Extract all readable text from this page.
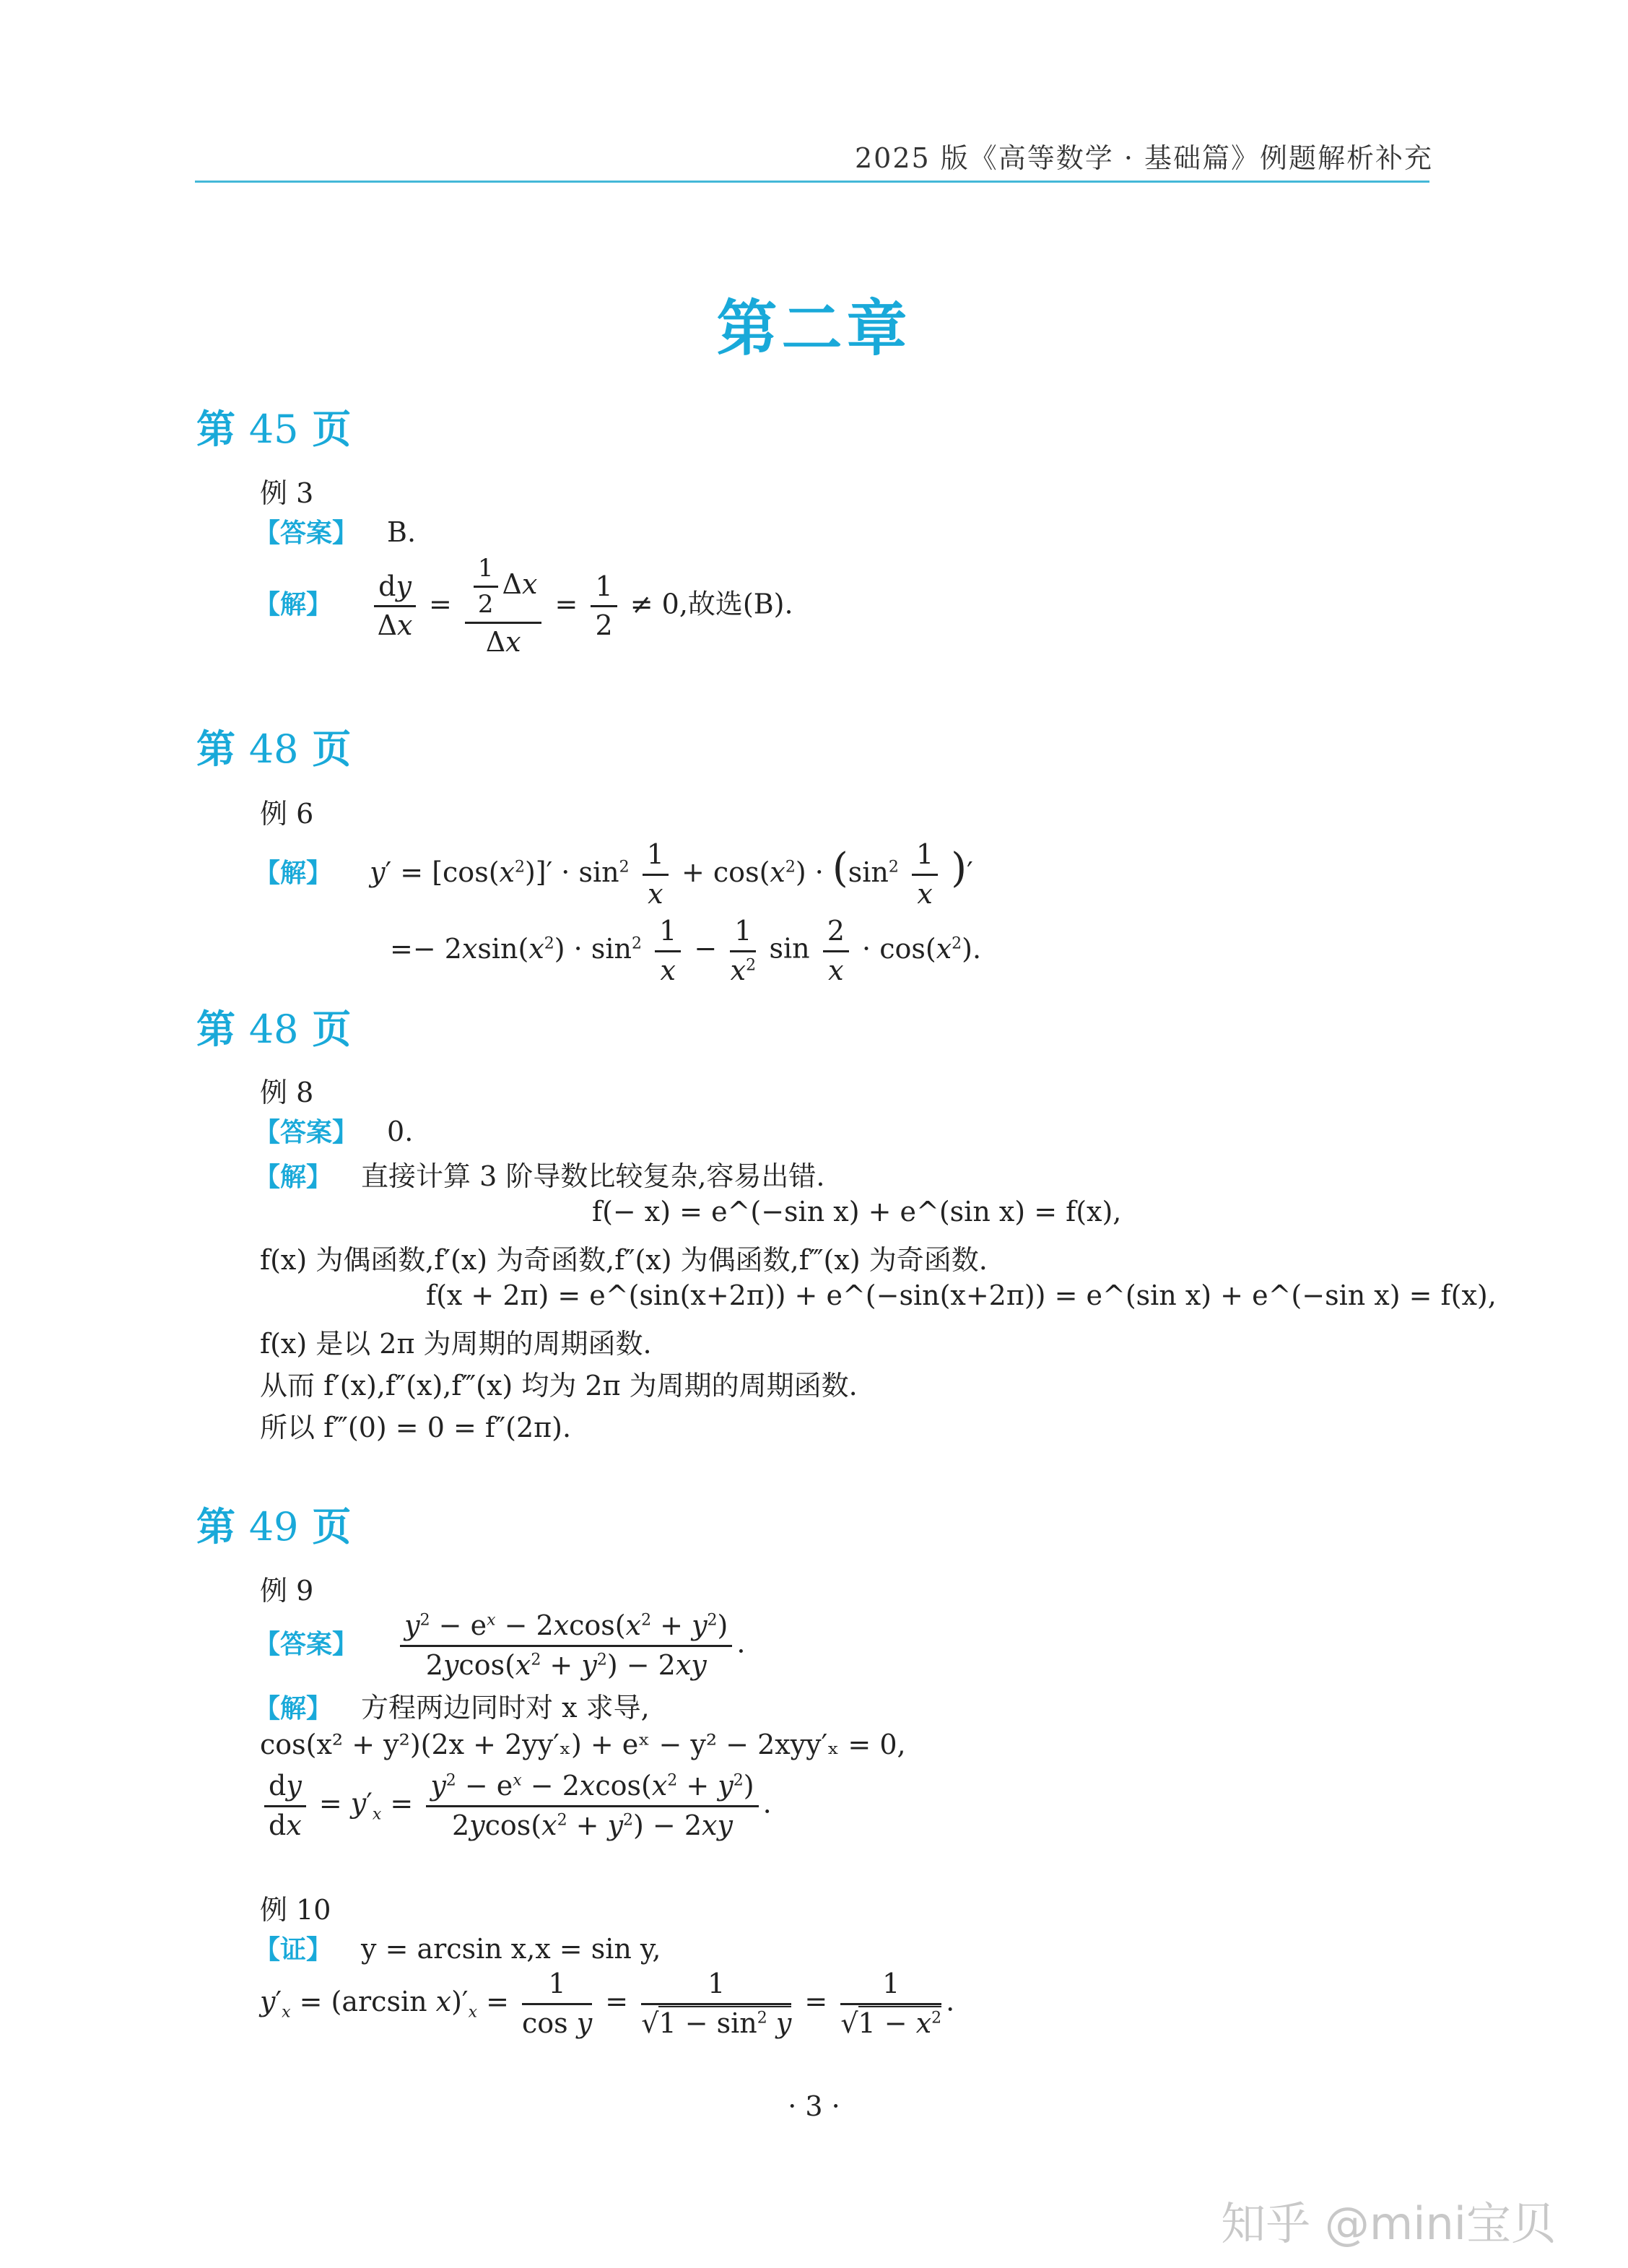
2025 版《高等数学 · 基础篇》例题解析补充
第二章
第 45 页
例 3
【答案】 B.
【解】 $\frac{dy}{\Delta x} = \frac{\frac{1}{2} \Delta x}{\Delta x} = \frac{1}{2} \ne 0$,故选(B).
第 48 页
例 6
【解】 $y' = [\cos(x^2)]' \cdot \sin^2 \frac{1}{x} + \cos(x^2) \cdot (\sin^2 \frac{1}{x}$ )′
=− $2xsin(x^2) \cdot \sin^2 \frac{1}{x} - \frac{1}{x^2}$ $\sin \frac{2}{x} \cdot \cos(x^2)$.
第 48 页
例 8
【答案】 0.
【解】 直接计算 3 阶导数比较复杂,容易出错.
f(− x) = e^(−sin x) + e^(sin x) = f(x),
f(x) 为偶函数,f′(x) 为奇函数,f″(x) 为偶函数,f‴(x) 为奇函数.
f(x + 2π) = e^(sin(x+2π)) + e^(−sin(x+2π)) = e^(sin x) + e^(−sin x) = f(x),
f(x) 是以 2π 为周期的周期函数.
从而 f′(x),f″(x),f‴(x) 均为 2π 为周期的周期函数.
所以 f‴(0) = 0 = f″(2π).
第 49 页
例 9
【答案】 $\frac{y^2 - e^x - 2xcos(x^2 + y^2)}{2ycos(x^2 + y^2) - 2xy}$ .
【解】 方程两边同时对 x 求导,
cos(x² + y²)(2x + 2yy′ₓ) + eˣ − y² − 2xyy′ₓ = 0,
$\frac{dy}{dx} = y'_x = \frac{y^2 - e^x - 2xcos(x^2 + y^2)}{2ycos(x^2 + y^2) - 2xy}$ .
例 10
【证】 y = arcsin x,x = sin y,
$y'_x = (\arcsin$ $x)'_x = \frac{1}{\text{cos y}} = \frac{1}{√1 - \sin^2 y} = \frac{1}{√1 - x^2}$ .
· 3 ·
知乎 @mini宝贝
